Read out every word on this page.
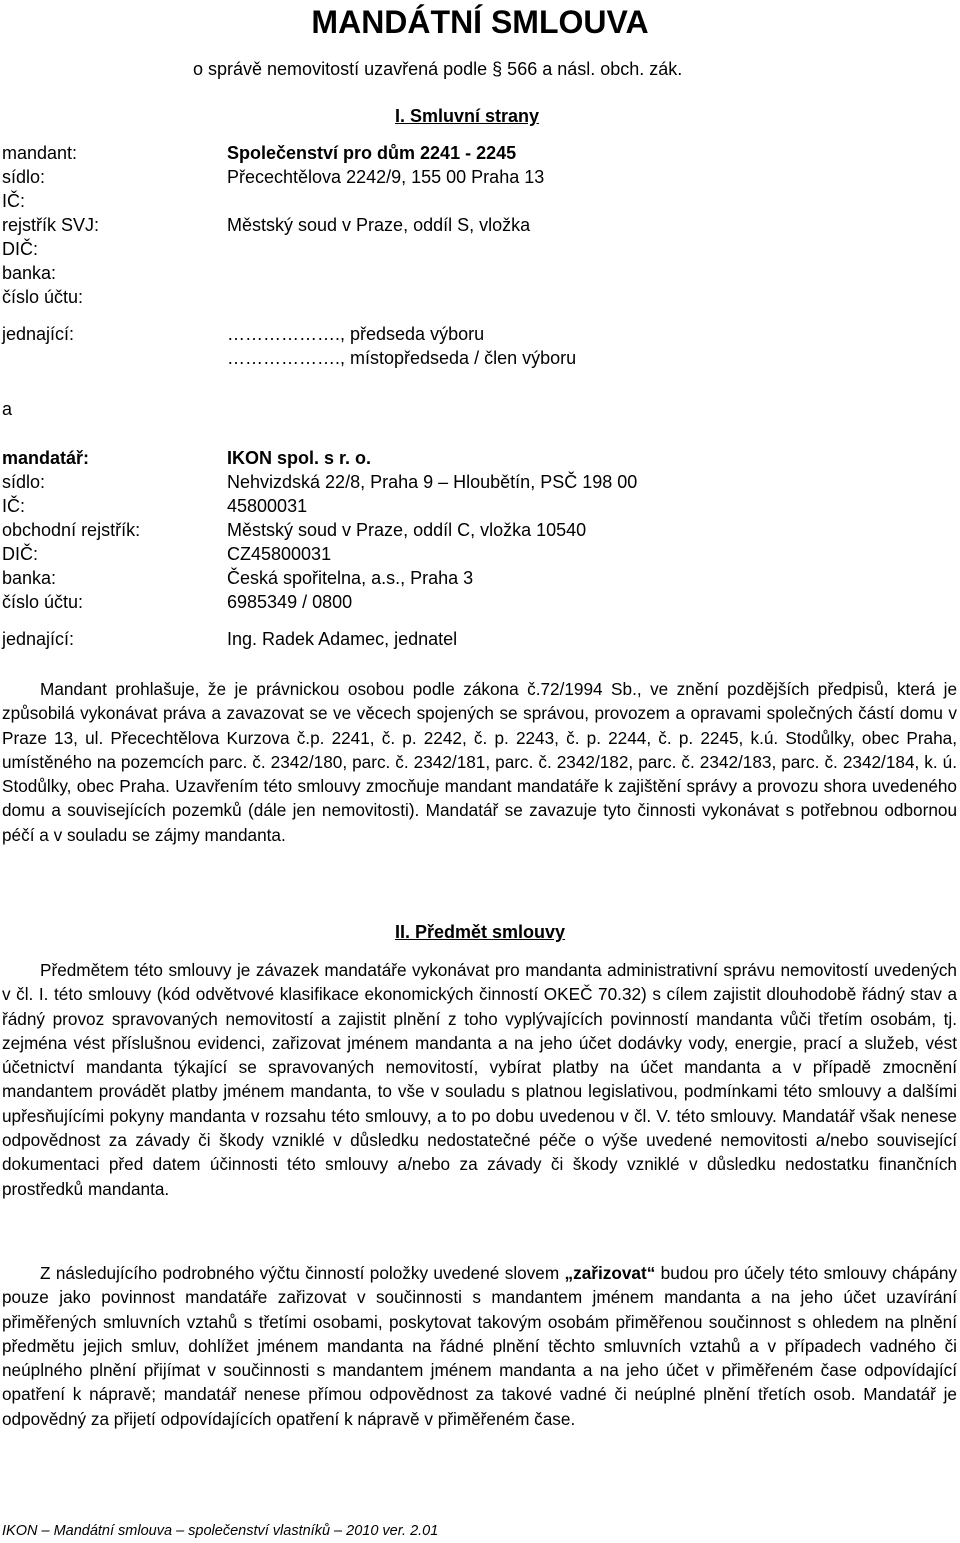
MANDÁTNÍ SMLOUVA
o správě nemovitostí uzavřená podle § 566 a násl. obch. zák.
I. Smluvní strany
mandant:	Společenství pro dům 2241 - 2245
sídlo:	Přecechtělova 2242/9, 155 00 Praha 13
IČ:
rejstřík SVJ:	Městský soud v Praze, oddíl S, vložka
DIČ:
banka:
číslo účtu:
jednající:	………………., předseda výboru
………………., místopředseda / člen výboru
a
mandatář:	IKON spol. s r. o.
sídlo:	Nehvizdská 22/8, Praha 9 – Hloubětín, PSČ 198 00
IČ:	45800031
obchodní rejstřík:	Městský soud v Praze, oddíl C, vložka 10540
DIČ:	CZ45800031
banka:	Česká spořitelna, a.s., Praha 3
číslo účtu:	6985349 / 0800
jednající:	Ing. Radek Adamec, jednatel

Mandant prohlašuje, že je právnickou osobou podle zákona č.72/1994 Sb., ve znění pozdějších předpisů, která je způsobilá vykonávat práva a zavazovat se ve věcech spojených se správou, provozem a opravami společných částí domu v Praze 13, ul. Přecechtělova Kurzova č.p. 2241, č. p. 2242, č. p. 2243, č. p. 2244, č. p. 2245, k.ú. Stodůlky, obec Praha, umístěného na pozemcích parc. č. 2342/180, parc. č. 2342/181, parc. č. 2342/182, parc. č. 2342/183, parc. č. 2342/184, k. ú. Stodůlky, obec Praha. Uzavřením této smlouvy zmocňuje mandant mandatáře k zajištění správy a provozu shora uvedeného domu a souvisejících pozemků (dále jen nemovitosti). Mandatář se zavazuje tyto činnosti vykonávat s potřebnou odbornou péčí a v souladu se zájmy mandanta.

II. Předmět smlouvy

Předmětem této smlouvy je závazek mandatáře vykonávat pro mandanta administrativní správu nemovitostí uvedených v čl. I. této smlouvy (kód odvětvové klasifikace ekonomických činností OKEČ 70.32) s cílem zajistit dlouhodobě řádný stav a řádný provoz spravovaných nemovitostí a zajistit plnění z toho vyplývajících povinností mandanta vůči třetím osobám, tj. zejména vést příslušnou evidenci, zařizovat jménem mandanta a na jeho účet dodávky vody, energie, prací a služeb, vést účetnictví mandanta týkající se spravovaných nemovitostí, vybírat platby na účet mandanta a v případě zmocnění mandantem provádět platby jménem mandanta, to vše v souladu s platnou legislativou, podmínkami této smlouvy a dalšími upřesňujícími pokyny mandanta v rozsahu této smlouvy, a to po dobu uvedenou v čl. V. této smlouvy. Mandatář však nenese odpovědnost za závady či škody vzniklé v důsledku nedostatečné péče o výše uvedené nemovitosti a/nebo související dokumentaci před datem účinnosti této smlouvy a/nebo za závady či škody vzniklé v důsledku nedostatku finančních prostředků mandanta.

Z následujícího podrobného výčtu činností položky uvedené slovem „zařizovat“ budou pro účely této smlouvy chápány pouze jako povinnost mandatáře zařizovat v součinnosti s mandantem jménem mandanta a na jeho účet uzavírání přiměřených smluvních vztahů s třetími osobami, poskytovat takovým osobám přiměřenou součinnost s ohledem na plnění předmětu jejich smluv, dohlížet jménem mandanta na řádné plnění těchto smluvních vztahů a v případech vadného či neúplného plnění přijímat v součinnosti s mandantem jménem mandanta a na jeho účet v přiměřeném čase odpovídající opatření k nápravě; mandatář nenese přímou odpovědnost za takové vadné či neúplné plnění třetích osob. Mandatář je odpovědný za přijetí odpovídajících opatření k nápravě v přiměřeném čase.

IKON – Mandátní smlouva – společenství vlastníků – 2010 ver. 2.01
